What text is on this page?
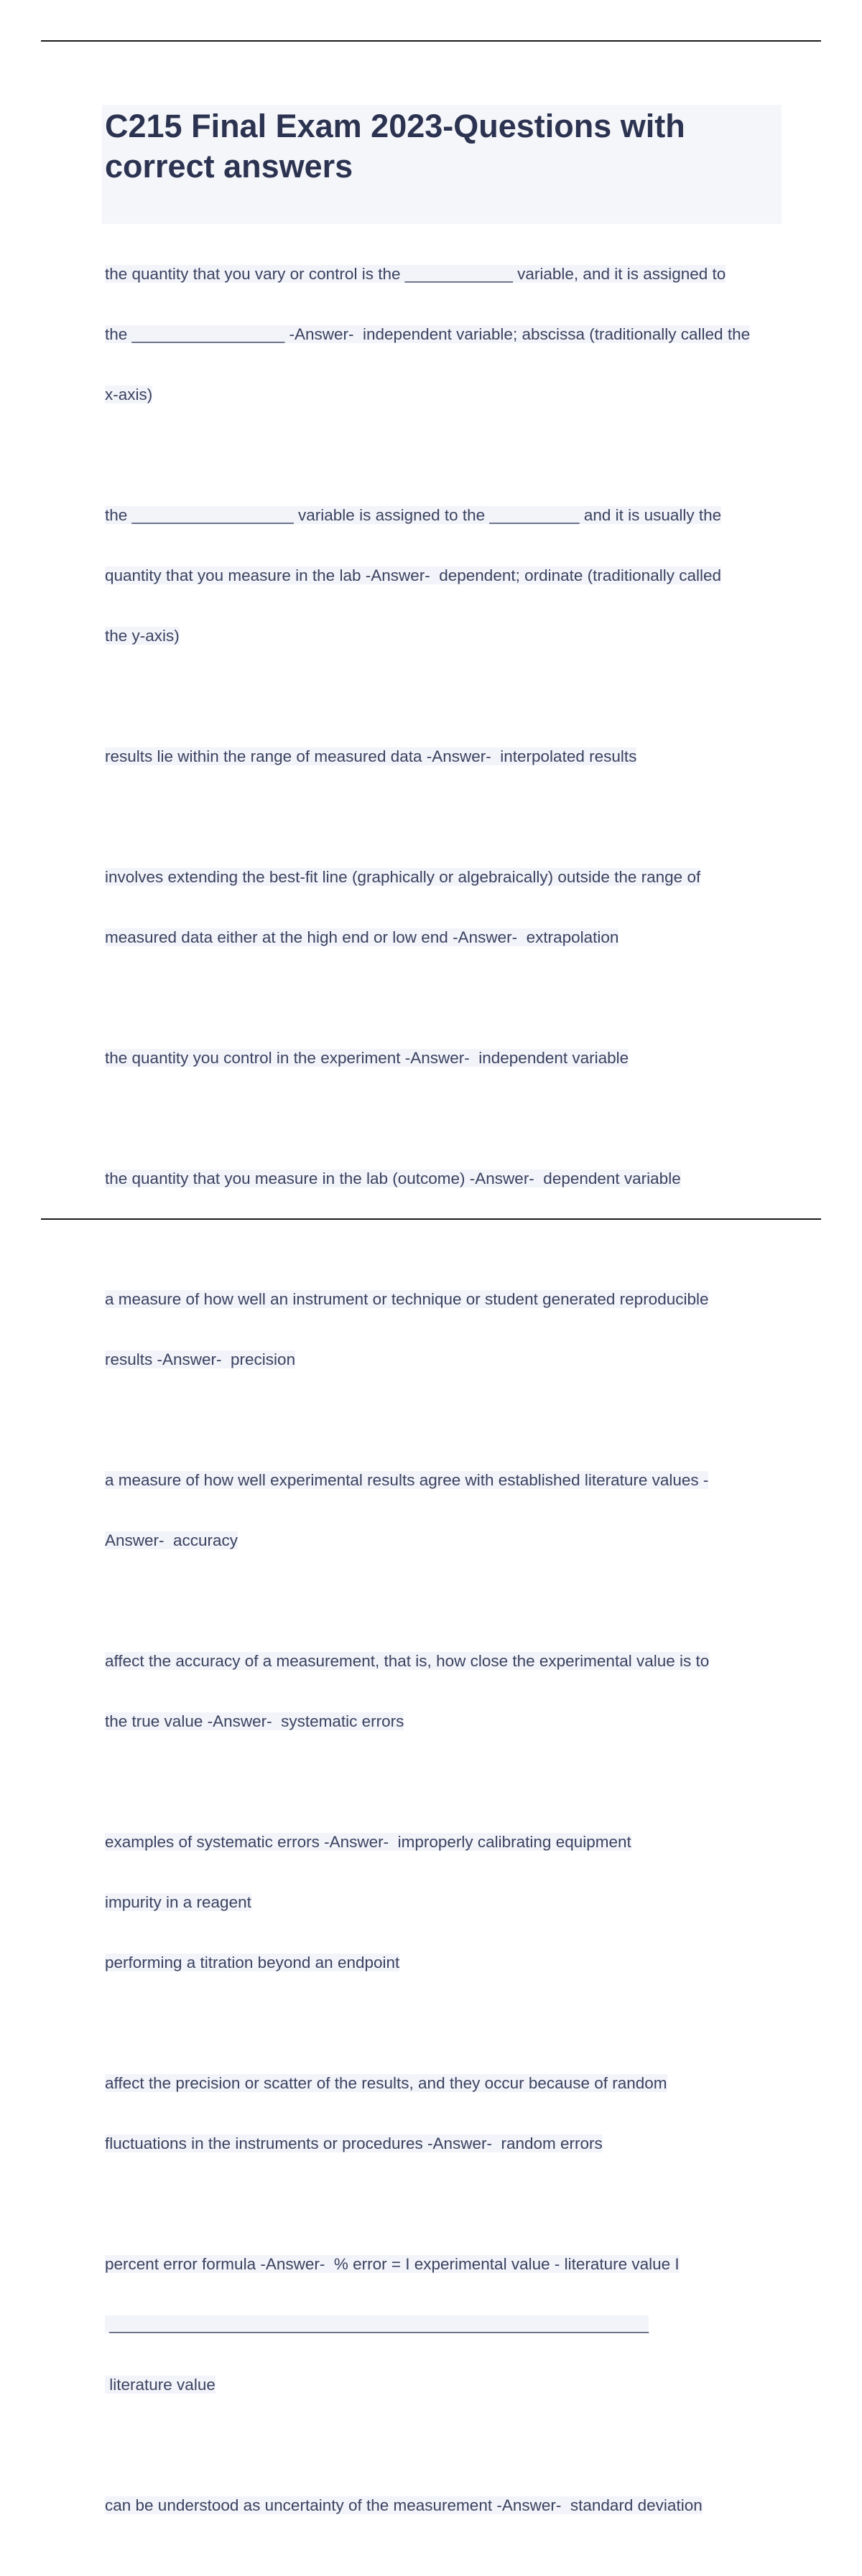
C215 Final Exam 2023-Questions with correct answers

the quantity that you vary or control is the ____________ variable, and it is assigned to

the _________________ -Answer-  independent variable; abscissa (traditionally called the

x-axis)

the __________________ variable is assigned to the __________ and it is usually the

quantity that you measure in the lab -Answer-  dependent; ordinate (traditionally called

the y-axis)

results lie within the range of measured data -Answer-  interpolated results

involves extending the best-fit line (graphically or algebraically) outside the range of

measured data either at the high end or low end -Answer-  extrapolation

the quantity you control in the experiment -Answer-  independent variable

the quantity that you measure in the lab (outcome) -Answer-  dependent variable

a measure of how well an instrument or technique or student generated reproducible

results -Answer-  precision

a measure of how well experimental results agree with established literature values -

Answer-  accuracy

affect the accuracy of a measurement, that is, how close the experimental value is to

the true value -Answer-  systematic errors

examples of systematic errors -Answer-  improperly calibrating equipment

impurity in a reagent

performing a titration beyond an endpoint

affect the precision or scatter of the results, and they occur because of random

fluctuations in the instruments or procedures -Answer-  random errors

percent error formula -Answer-  % error = I experimental value - literature value I

____________________________________________________________

literature value

can be understood as uncertainty of the measurement -Answer-  standard deviation
